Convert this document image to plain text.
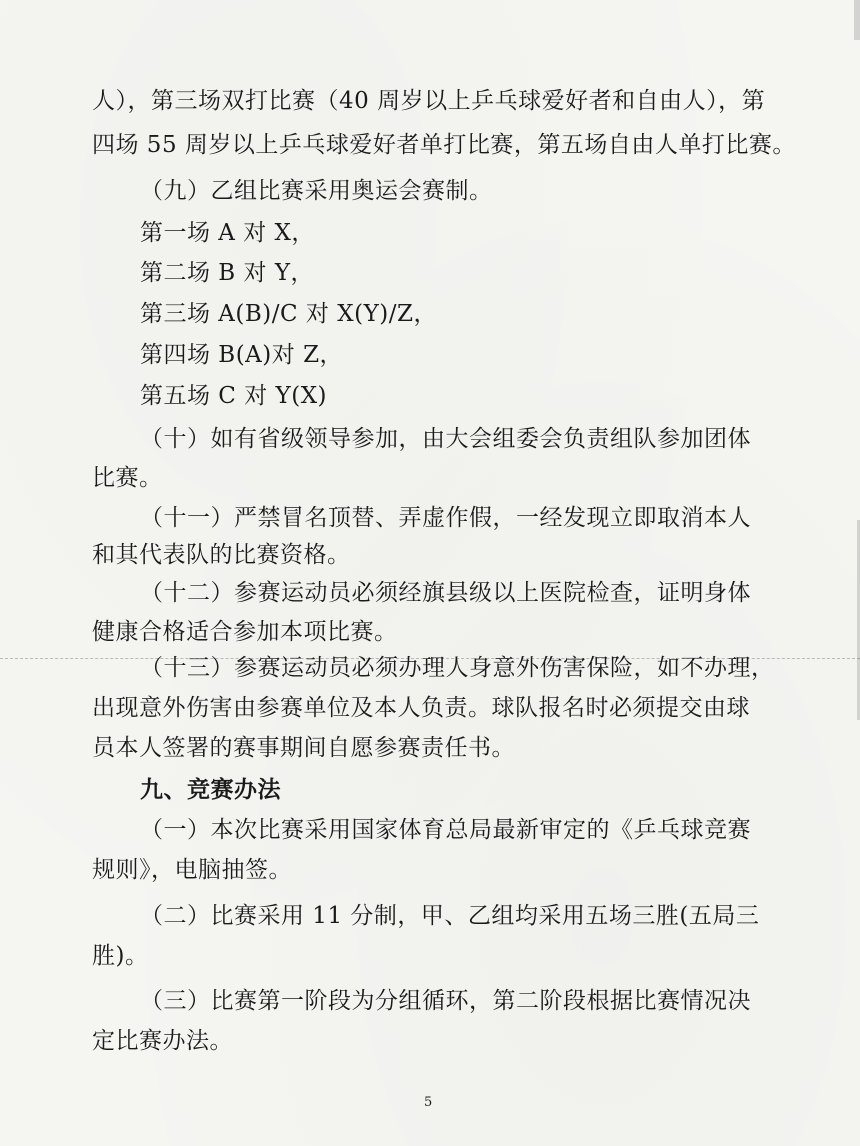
人），第三场双打比赛（40 周岁以上乒乓球爱好者和自由人），第
四场 55 周岁以上乒乓球爱好者单打比赛，第五场自由人单打比赛。
（九）乙组比赛采用奥运会赛制。
第一场 A 对 X，
第二场 B 对 Y，
第三场 A(B)/C 对 X(Y)/Z，
第四场 B(A)对 Z，
第五场 C 对 Y(X)
（十）如有省级领导参加，由大会组委会负责组队参加团体
比赛。
（十一）严禁冒名顶替、弄虚作假，一经发现立即取消本人
和其代表队的比赛资格。
（十二）参赛运动员必须经旗县级以上医院检查，证明身体
健康合格适合参加本项比赛。
（十三）参赛运动员必须办理人身意外伤害保险，如不办理，
出现意外伤害由参赛单位及本人负责。球队报名时必须提交由球
员本人签署的赛事期间自愿参赛责任书。
九、竞赛办法
（一）本次比赛采用国家体育总局最新审定的《乒乓球竞赛
规则》，电脑抽签。
（二）比赛采用 11 分制，甲、乙组均采用五场三胜(五局三
胜)。
（三）比赛第一阶段为分组循环，第二阶段根据比赛情况决
定比赛办法。
5
